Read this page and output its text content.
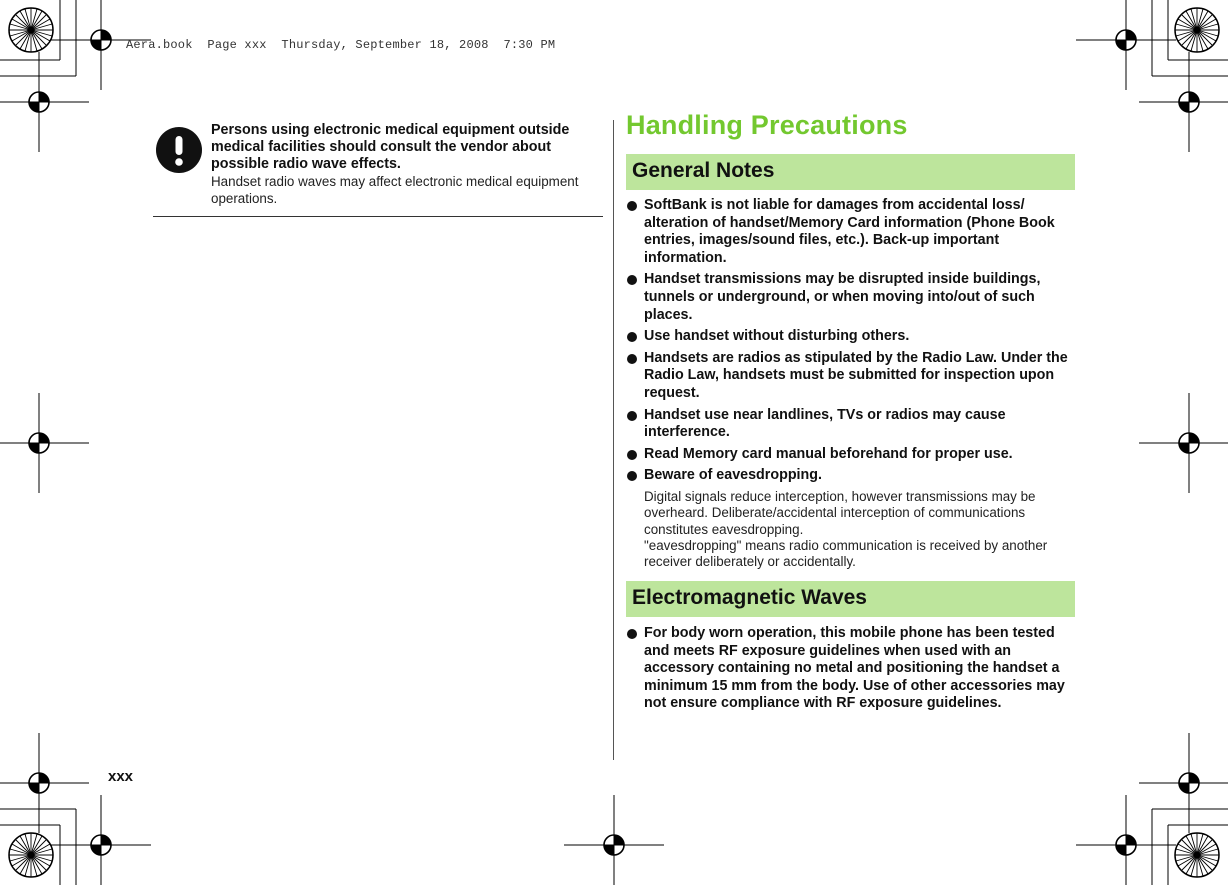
Aera.book  Page xxx  Thursday, September 18, 2008  7:30 PM
Persons using electronic medical equipment outside medical facilities should consult the vendor about possible radio wave effects.
Handset radio waves may affect electronic medical equipment operations.
Handling Precautions
General Notes
SoftBank is not liable for damages from accidental loss/ alteration of handset/Memory Card information (Phone Book entries, images/sound files, etc.). Back-up important information.
Handset transmissions may be disrupted inside buildings, tunnels or underground, or when moving into/out of such places.
Use handset without disturbing others.
Handsets are radios as stipulated by the Radio Law. Under the Radio Law, handsets must be submitted for inspection upon request.
Handset use near landlines, TVs or radios may cause interference.
Read Memory card manual beforehand for proper use.
Beware of eavesdropping.
Digital signals reduce interception, however transmissions may be overheard. Deliberate/accidental interception of communications constitutes eavesdropping.
"eavesdropping" means radio communication is received by another receiver deliberately or accidentally.
Electromagnetic Waves
For body worn operation, this mobile phone has been tested and meets RF exposure guidelines when used with an accessory containing no metal and positioning the handset a minimum 15 mm from the body. Use of other accessories may not ensure compliance with RF exposure guidelines.
xxx
